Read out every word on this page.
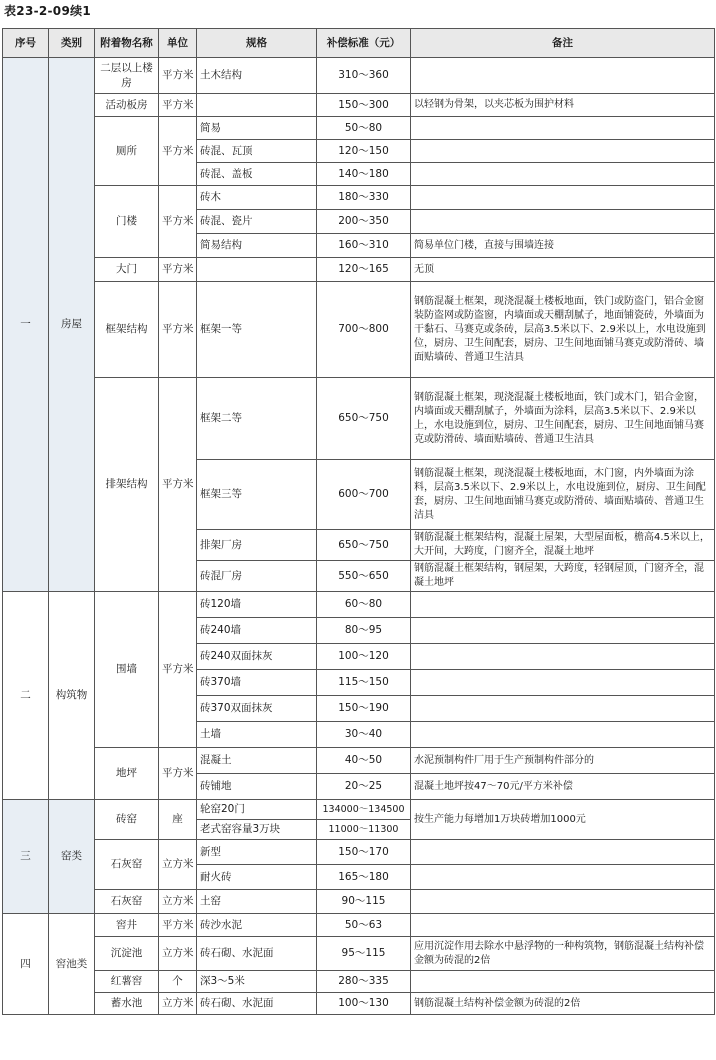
表23-2-09续1
序号	类别	附着物名称	单位	规格	补偿标准（元）	备注
一	房屋	二层以上楼房	平方米	土木结构	310～360	
		活动板房	平方米		150～300	以轻钢为骨架，以夹芯板为围护材料
		厕所	平方米	简易	50～80	
				砖混、瓦顶	120～150	
				砖混、盖板	140～180	
		门楼	平方米	砖木	180～330	
				砖混、瓷片	200～350	
				简易结构	160～310	简易单位门楼，直接与围墙连接
		大门	平方米		120～165	无顶
		框架结构	平方米	框架一等	700～800	钢筋混凝土框架，现浇混凝土楼板地面，铁门或防盗门，铝合金窗装防盗网或防盗窗，内墙面或天棚刮腻子，地面铺瓷砖，外墙面为干黏石、马赛克或条砖，层高3.5米以下、2.9米以上，水电设施到位，厨房、卫生间配套，厨房、卫生间地面铺马赛克或防滑砖、墙面贴墙砖、普通卫生洁具
		排架结构	平方米	框架二等	650～750	钢筋混凝土框架，现浇混凝土楼板地面，铁门或木门，铝合金窗，内墙面或天棚刮腻子，外墙面为涂料，层高3.5米以下、2.9米以上，水电设施到位，厨房、卫生间配套，厨房、卫生间地面铺马赛克或防滑砖、墙面贴墙砖、普通卫生洁具
				框架三等	600～700	钢筋混凝土框架，现浇混凝土楼板地面，木门窗，内外墙面为涂料，层高3.5米以下、2.9米以上，水电设施到位，厨房、卫生间配套，厨房、卫生间地面铺马赛克或防滑砖、墙面贴墙砖、普通卫生洁具
				排架厂房	650～750	钢筋混凝土框架结构，混凝土屋架，大型屋面板，檐高4.5米以上，大开间，大跨度，门窗齐全，混凝土地坪
				砖混厂房	550～650	钢筋混凝土框架结构，钢屋架，大跨度，轻钢屋顶，门窗齐全，混凝土地坪
二	构筑物	围墙	平方米	砖120墙	60～80	
				砖240墙	80～95	
				砖240双面抹灰	100～120	
				砖370墙	115～150	
				砖370双面抹灰	150～190	
				土墙	30～40	
		地坪	平方米	混凝土	40～50	水泥预制构件厂用于生产预制构件部分的
				砖铺地	20～25	混凝土地坪按47～70元/平方米补偿
三	窑类	砖窑	座	轮窑20门	134000～134500	按生产能力每增加1万块砖增加1000元
				老式窑容量3万块	11000～11300	
		石灰窑	立方米	新型	150～170	
				耐火砖	165～180	
		石灰窑	立方米	土窑	90～115	
四	窖池类	窖井	平方米	砖沙水泥	50～63	
		沉淀池	立方米	砖石砌、水泥面	95～115	应用沉淀作用去除水中悬浮物的一种构筑物，钢筋混凝土结构补偿金额为砖混的2倍
		红薯窖	个	深3～5米	280～335	
		蓄水池	立方米	砖石砌、水泥面	100～130	钢筋混凝土结构补偿金额为砖混的2倍
